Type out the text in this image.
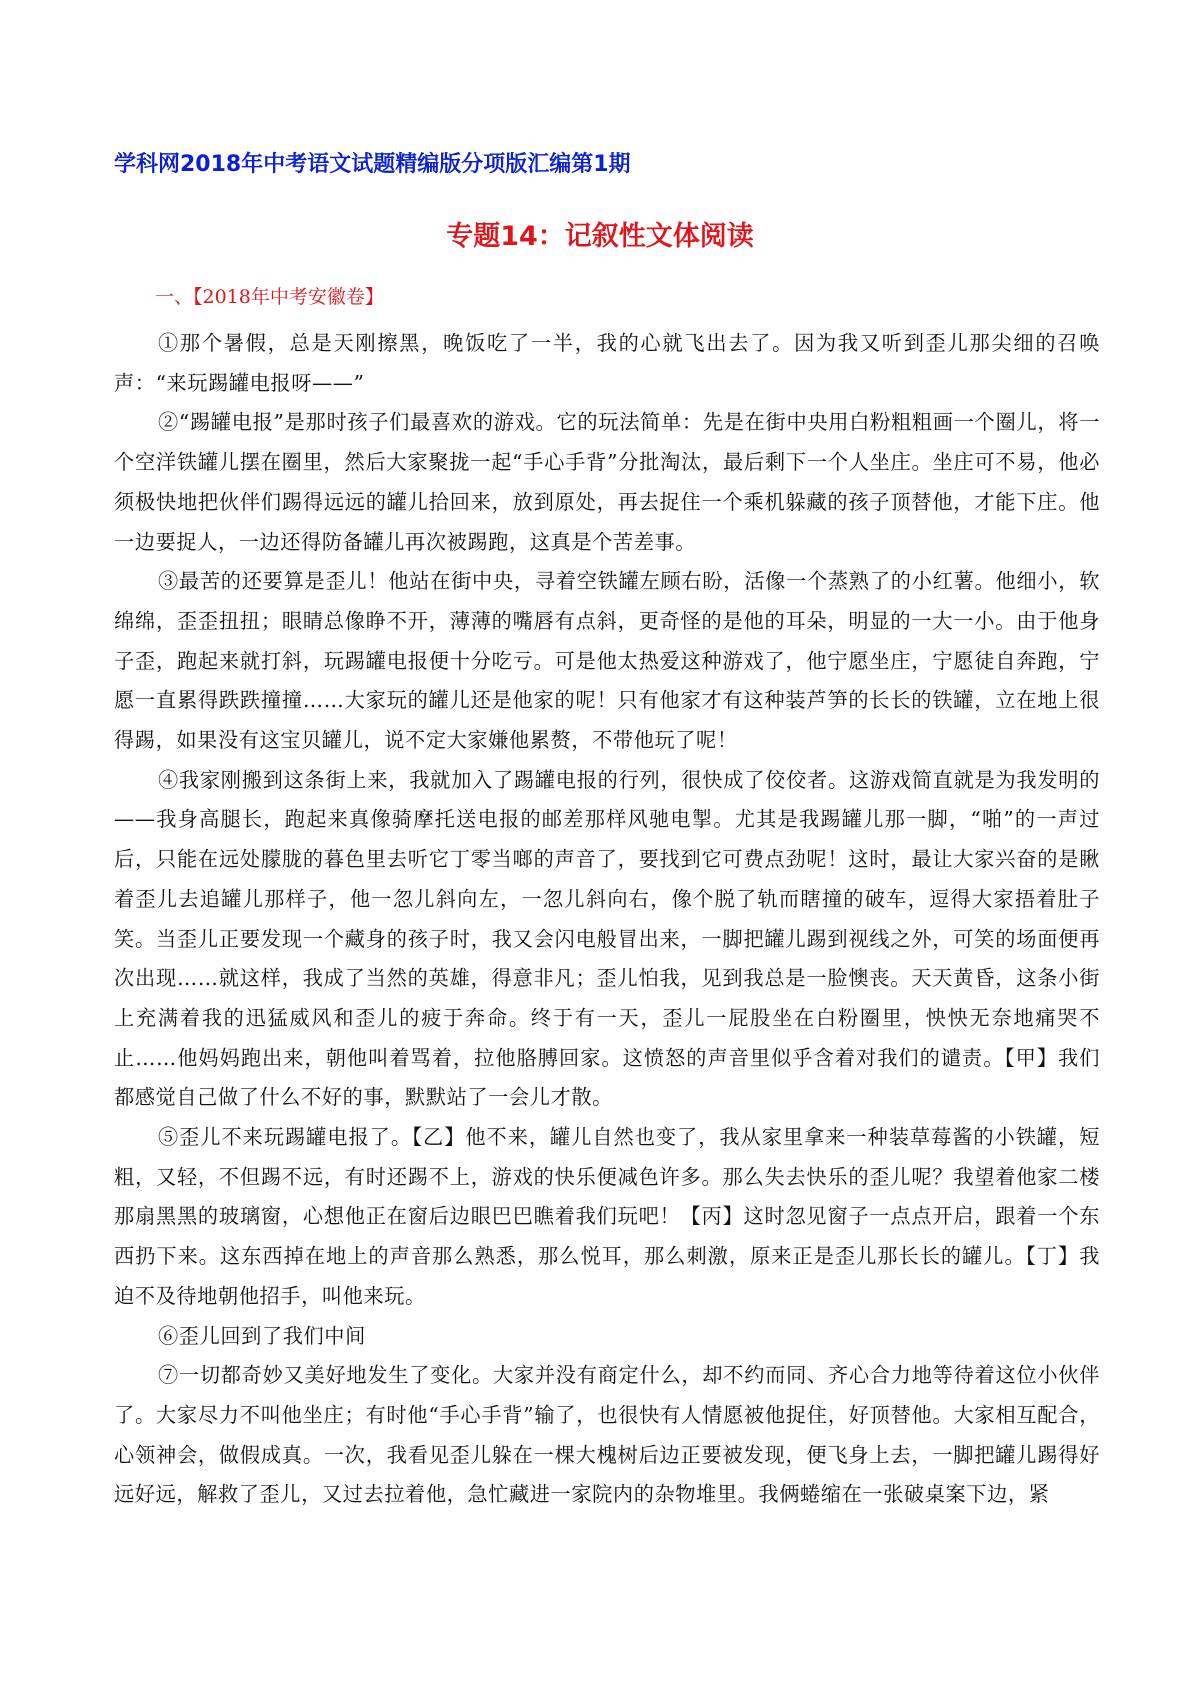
学科网2018年中考语文试题精编版分项版汇编第1期
专题14：记叙性文体阅读
一、【2018年中考安徽卷】

①那个暑假，总是天刚擦黑，晚饭吃了一半，我的心就飞出去了。因为我又听到歪儿那尖细的召唤声：“来玩踢罐电报呀——”

②“踢罐电报”是那时孩子们最喜欢的游戏。它的玩法简单：先是在街中央用白粉粗粗画一个圈儿，将一个空洋铁罐儿摆在圈里，然后大家聚拢一起“手心手背”分批淘汰，最后剩下一个人坐庄。坐庄可不易，他必须极快地把伙伴们踢得远远的罐儿拾回来，放到原处，再去捉住一个乘机躲藏的孩子顶替他，才能下庄。他一边要捉人，一边还得防备罐儿再次被踢跑，这真是个苦差事。

③最苦的还要算是歪儿！他站在街中央，寻着空铁罐左顾右盼，活像一个蒸熟了的小红薯。他细小，软绵绵，歪歪扭扭；眼睛总像睁不开，薄薄的嘴唇有点斜，更奇怪的是他的耳朵，明显的一大一小。由于他身子歪，跑起来就打斜，玩踢罐电报便十分吃亏。可是他太热爱这种游戏了，他宁愿坐庄，宁愿徒自奔跑，宁愿一直累得跌跌撞撞……大家玩的罐儿还是他家的呢！只有他家才有这种装芦笋的长长的铁罐，立在地上很得踢，如果没有这宝贝罐儿，说不定大家嫌他累赘，不带他玩了呢！

④我家刚搬到这条街上来，我就加入了踢罐电报的行列，很快成了佼佼者。这游戏简直就是为我发明的——我身高腿长，跑起来真像骑摩托送电报的邮差那样风驰电掣。尤其是我踢罐儿那一脚，“啪”的一声过后，只能在远处朦胧的暮色里去听它丁零当啷的声音了，要找到它可费点劲呢！这时，最让大家兴奋的是瞅着歪儿去追罐儿那样子，他一忽儿斜向左，一忽儿斜向右，像个脱了轨而瞎撞的破车，逗得大家捂着肚子笑。当歪儿正要发现一个藏身的孩子时，我又会闪电般冒出来，一脚把罐儿踢到视线之外，可笑的场面便再次出现……就这样，我成了当然的英雄，得意非凡；歪儿怕我，见到我总是一脸懊丧。天天黄昏，这条小街上充满着我的迅猛威风和歪儿的疲于奔命。终于有一天，歪儿一屁股坐在白粉圈里，怏怏无奈地痛哭不止……他妈妈跑出来，朝他叫着骂着，拉他胳膊回家。这愤怒的声音里似乎含着对我们的谴责。【甲】我们都感觉自己做了什么不好的事，默默站了一会儿才散。

⑤歪儿不来玩踢罐电报了。【乙】他不来，罐儿自然也变了，我从家里拿来一种装草莓酱的小铁罐，短粗，又轻，不但踢不远，有时还踢不上，游戏的快乐便减色许多。那么失去快乐的歪儿呢？我望着他家二楼那扇黑黑的玻璃窗，心想他正在窗后边眼巴巴瞧着我们玩吧！【丙】这时忽见窗子一点点开启，跟着一个东西扔下来。这东西掉在地上的声音那么熟悉，那么悦耳，那么刺激，原来正是歪儿那长长的罐儿。【丁】我迫不及待地朝他招手，叫他来玩。

⑥歪儿回到了我们中间

⑦一切都奇妙又美好地发生了变化。大家并没有商定什么，却不约而同、齐心合力地等待着这位小伙伴了。大家尽力不叫他坐庄；有时他“手心手背”输了，也很快有人情愿被他捉住，好顶替他。大家相互配合，心领神会，做假成真。一次，我看见歪儿躲在一棵大槐树后边正要被发现，便飞身上去，一脚把罐儿踢得好远好远，解救了歪儿，又过去拉着他，急忙藏进一家院内的杂物堆里。我俩蜷缩在一张破桌案下边，紧
